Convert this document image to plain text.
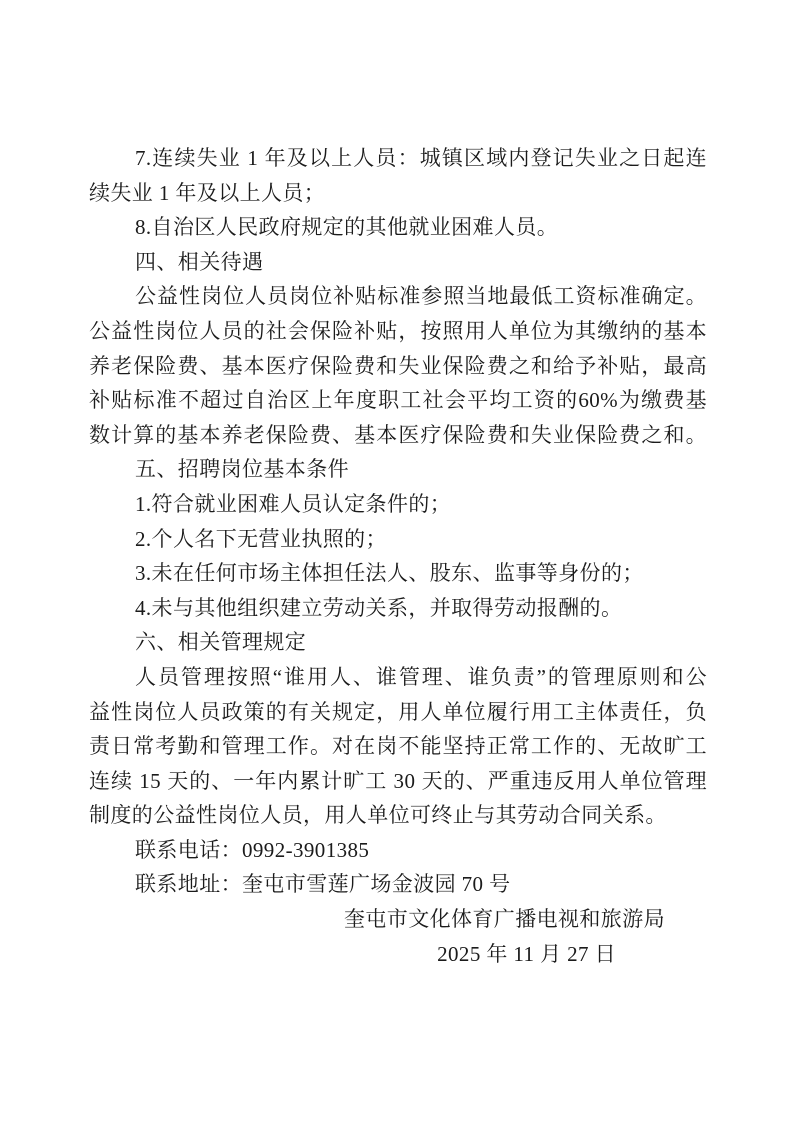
7.连续失业 1 年及以上人员：城镇区域内登记失业之日起连
续失业 1 年及以上人员；
8.自治区人民政府规定的其他就业困难人员。
四、相关待遇
公益性岗位人员岗位补贴标准参照当地最低工资标准确定。
公益性岗位人员的社会保险补贴，按照用人单位为其缴纳的基本
养老保险费、基本医疗保险费和失业保险费之和给予补贴，最高
补贴标准不超过自治区上年度职工社会平均工资的60%为缴费基
数计算的基本养老保险费、基本医疗保险费和失业保险费之和。
五、招聘岗位基本条件
1.符合就业困难人员认定条件的；
2.个人名下无营业执照的；
3.未在任何市场主体担任法人、股东、监事等身份的；
4.未与其他组织建立劳动关系，并取得劳动报酬的。
六、相关管理规定
人员管理按照“谁用人、谁管理、谁负责”的管理原则和公
益性岗位人员政策的有关规定，用人单位履行用工主体责任，负
责日常考勤和管理工作。对在岗不能坚持正常工作的、无故旷工
连续 15 天的、一年内累计旷工 30 天的、严重违反用人单位管理
制度的公益性岗位人员，用人单位可终止与其劳动合同关系。
联系电话：0992-3901385
联系地址：奎屯市雪莲广场金波园 70 号
奎屯市文化体育广播电视和旅游局
2025 年 11 月 27 日
